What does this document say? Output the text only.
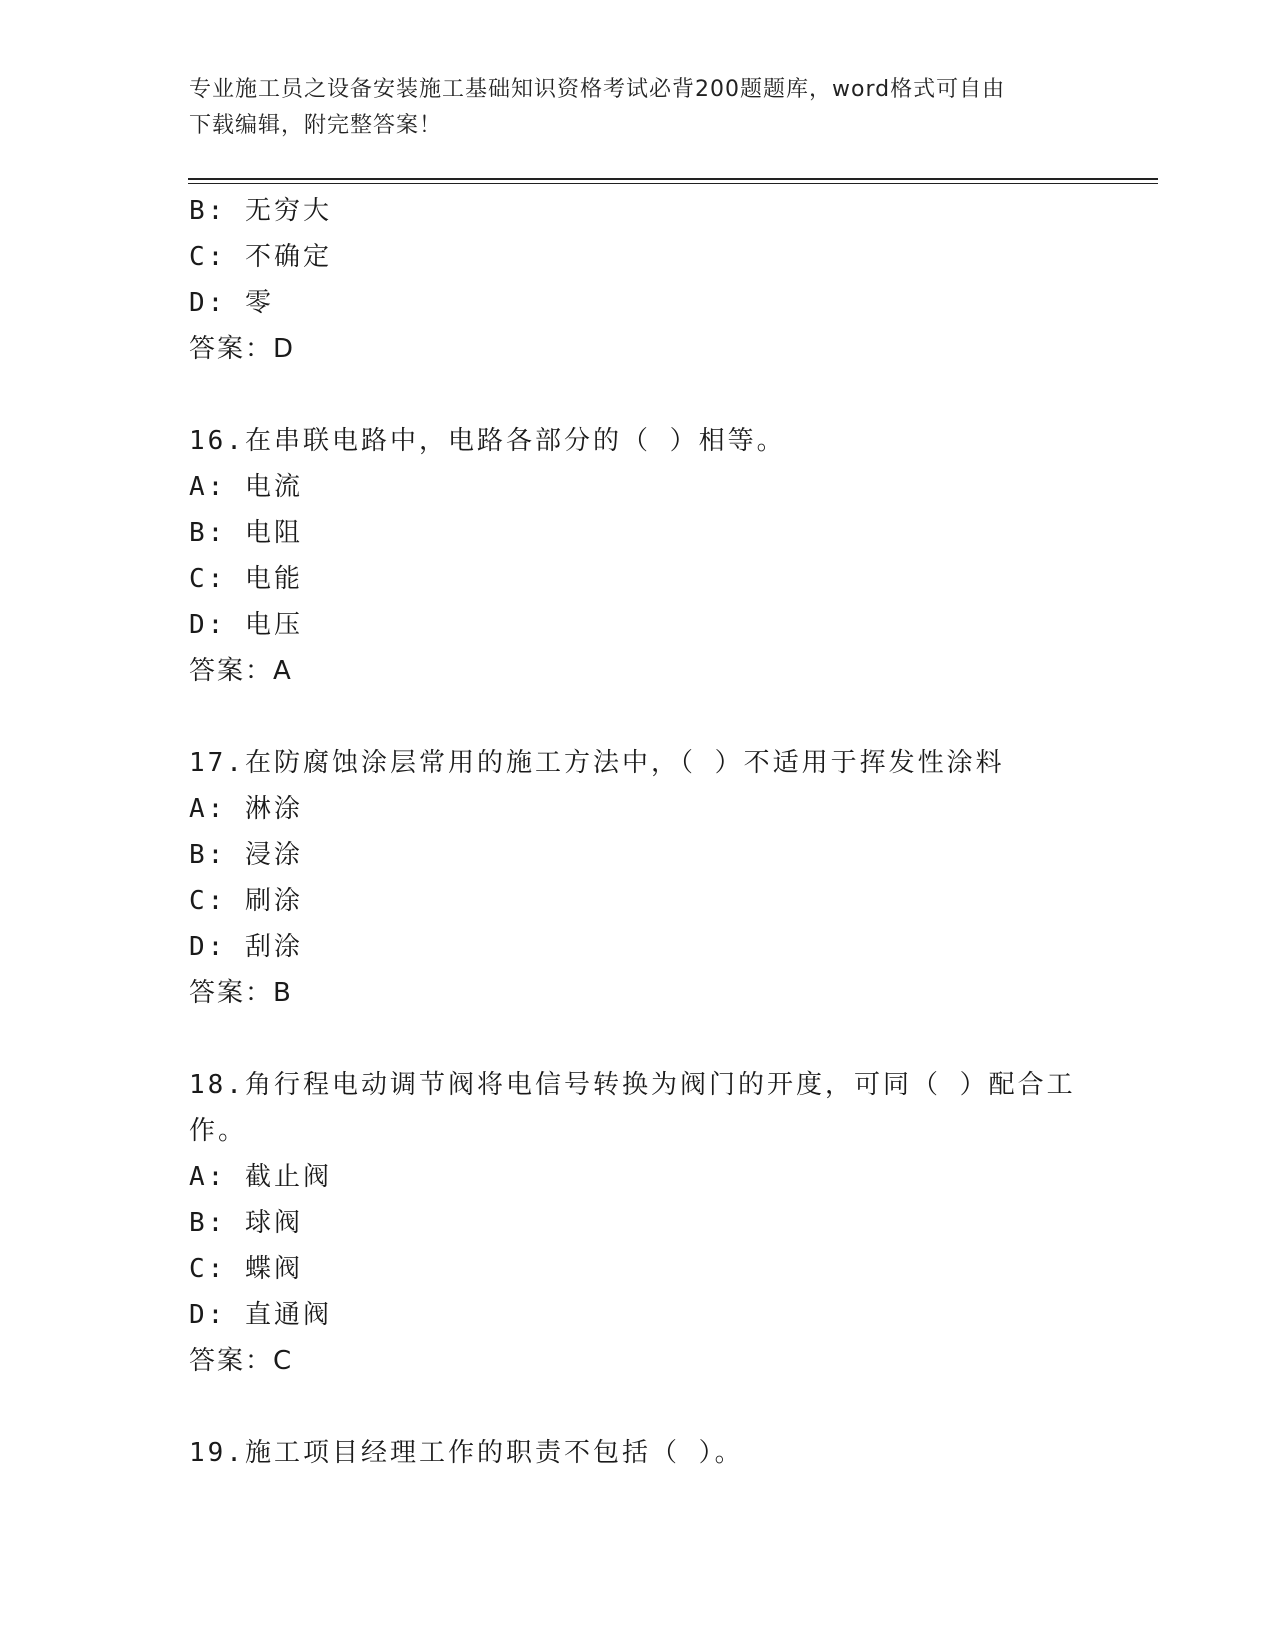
专业施工员之设备安装施工基础知识资格考试必背200题题库，word格式可自由
下载编辑，附完整答案！
B: 无穷大
C: 不确定
D: 零
答案：D
16.在串联电路中，电路各部分的（ ）相等。
A: 电流
B: 电阻
C: 电能
D: 电压
答案：A
17.在防腐蚀涂层常用的施工方法中，（ ）不适用于挥发性涂料
A: 淋涂
B: 浸涂
C: 刷涂
D: 刮涂
答案：B
18.角行程电动调节阀将电信号转换为阀门的开度，可同（ ）配合工
作。
A: 截止阀
B: 球阀
C: 蝶阀
D: 直通阀
答案：C
19.施工项目经理工作的职责不包括（ ）。
